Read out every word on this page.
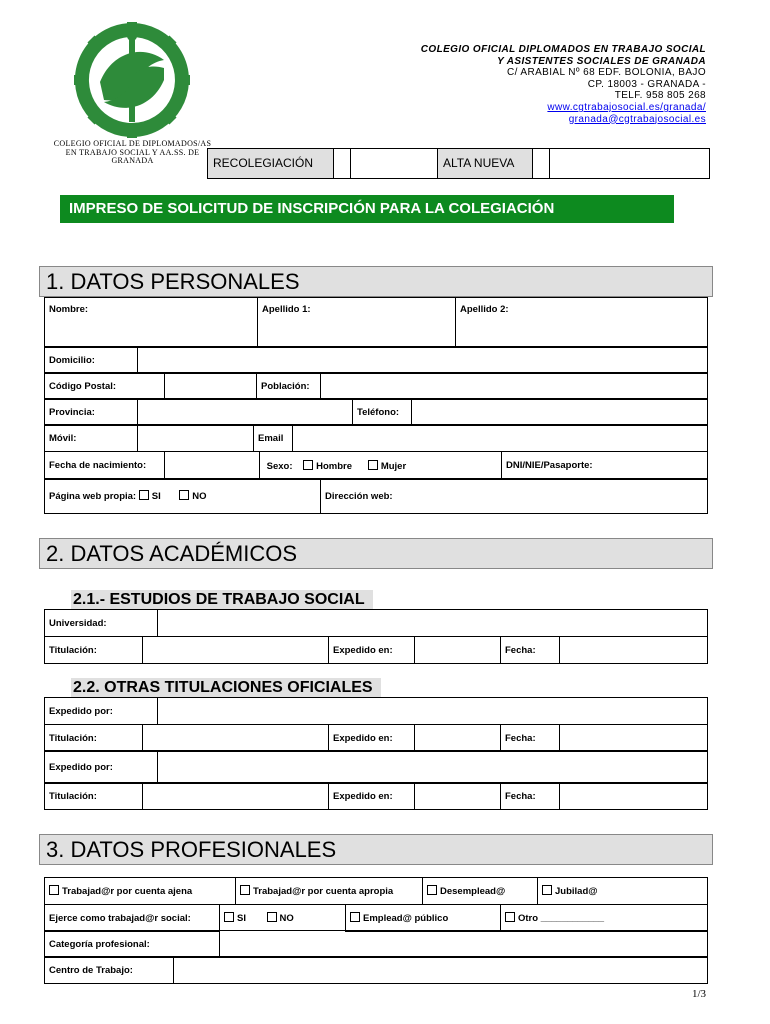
COLEGIO OFICIAL DE DIPLOMADOS/AS
EN TRABAJO SOCIAL Y AA.SS. DE
GRANADA
COLEGIO OFICIAL DIPLOMADOS EN TRABAJO SOCIAL
Y ASISTENTES SOCIALES DE GRANADA
C/ ARABIAL Nº 68 EDF. BOLONIA, BAJO
CP. 18003 - GRANADA -
TELF. 958 805 268
www.cgtrabajosocial.es/granada/
granada@cgtrabajosocial.es
RECOLEGIACIÓN	ALTA NUEVA
IMPRESO DE SOLICITUD DE INSCRIPCIÓN PARA LA COLEGIACIÓN
1. DATOS PERSONALES
Nombre:	Apellido 1:	Apellido 2:
Domicilio:	
Código Postal:		Población:	
Provincia:		Teléfono:	
Móvil:		Email	
Fecha de nacimiento:		Sexo: Hombre	Mujer	DNI/NIE/Pasaporte:
Página web propia: SI	NO	Dirección web:
2. DATOS ACADÉMICOS
2.1.- ESTUDIOS DE TRABAJO SOCIAL
Universidad:	
Titulación:		Expedido en:		Fecha:	
2.2. OTRAS TITULACIONES OFICIALES
Expedido por:	
Titulación:		Expedido en:		Fecha:	
Expedido por:	
Titulación:		Expedido en:		Fecha:	
3. DATOS PROFESIONALES
Trabajad@r por cuenta ajena	Trabajad@r por cuenta apropia	Desemplead@	Jubilad@
Ejerce como trabajad@r social:	SI	NO	Emplead@ público	Otro ____________
Categoría profesional:	
Centro de Trabajo:	
1/3
